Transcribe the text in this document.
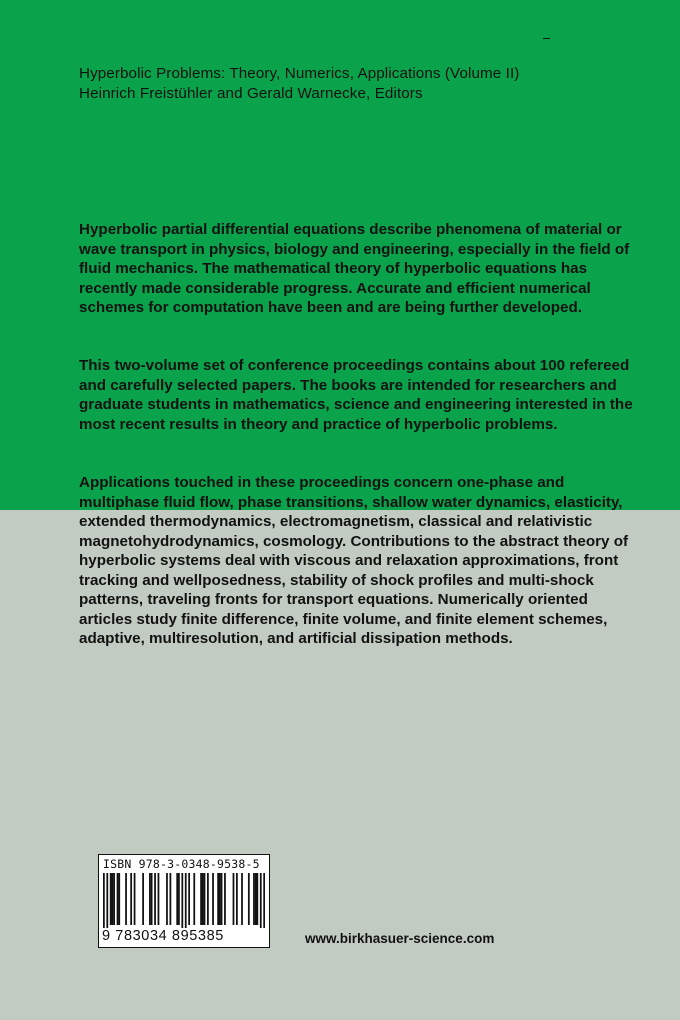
Hyperbolic Problems: Theory, Numerics, Applications (Volume II)
Heinrich Freistühler and Gerald Warnecke, Editors

Hyperbolic partial differential equations describe phenomena of material or wave transport in physics, biology and engineering, especially in the field of fluid mechanics. The mathematical theory of hyperbolic equations has recently made considerable progress. Accurate and efficient numerical schemes for computation have been and are being further developed.

This two-volume set of conference proceedings contains about 100 refereed and carefully selected papers. The books are intended for researchers and graduate students in mathematics, science and engineering interested in the most recent results in theory and practice of hyperbolic problems.

Applications touched in these proceedings concern one-phase and multiphase fluid flow, phase transitions, shallow water dynamics, elasticity, extended thermodynamics, electromagnetism, classical and relativistic magnetohydrodynamics, cosmology. Contributions to the abstract theory of hyperbolic systems deal with viscous and relaxation approximations, front tracking and wellposedness, stability of shock profiles and multi-shock patterns, traveling fronts for transport equations. Numerically oriented articles study finite difference, finite volume, and finite element schemes, adaptive, multiresolution, and artificial dissipation methods.

ISBN 978-3-0348-9538-5
9 783034 895385	www.birkhasuer-science.com
